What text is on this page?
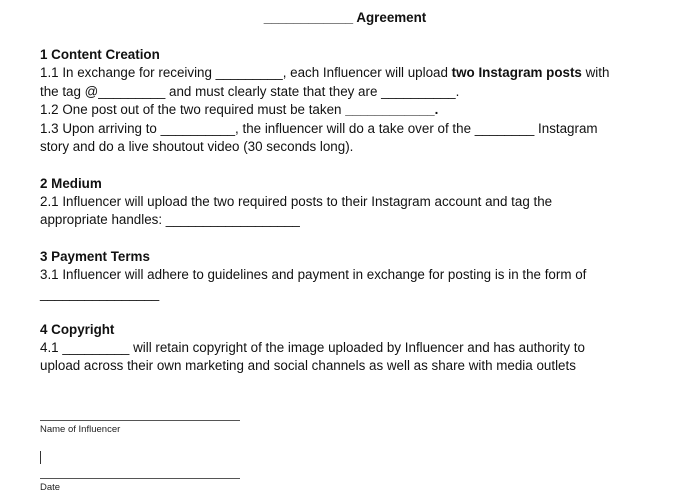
____________ Agreement
1 Content Creation
1.1 In exchange for receiving _________, each Influencer will upload two Instagram posts with
the tag @_________ and must clearly state that they are __________.
1.2 One post out of the two required must be taken ____________.
1.3 Upon arriving to __________, the influencer will do a take over of the ________ Instagram
story and do a live shoutout video (30 seconds long).
2 Medium
2.1 Influencer will upload the two required posts to their Instagram account and tag the
appropriate handles: __________________
3 Payment Terms
3.1 Influencer will adhere to guidelines and payment in exchange for posting is in the form of
________________
4 Copyright
4.1 _________ will retain copyright of the image uploaded by Influencer and has authority to
upload across their own marketing and social channels as well as share with media outlets
Name of Influencer
Date
